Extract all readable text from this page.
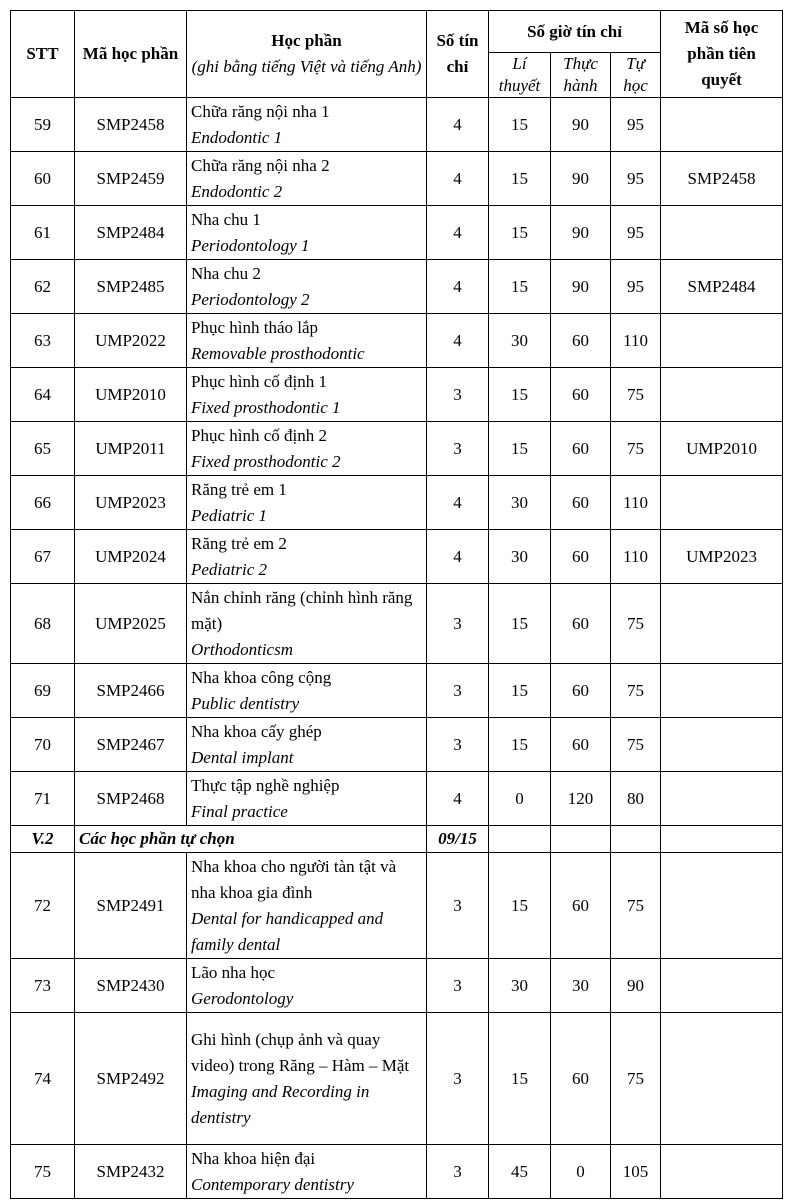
STT	Mã học phần	Học phần
(ghi bằng tiếng Việt và tiếng Anh)	Số tín chỉ	Số giờ tín chỉ			Mã số học phần tiên quyết
				Lí thuyết	Thực hành	Tự học	
59	SMP2458	Chữa răng nội nha 1
Endodontic 1	4	15	90	95	
60	SMP2459	Chữa răng nội nha 2
Endodontic 2	4	15	90	95	SMP2458
61	SMP2484	Nha chu 1
Periodontology 1	4	15	90	95	
62	SMP2485	Nha chu 2
Periodontology 2	4	15	90	95	SMP2484
63	UMP2022	Phục hình tháo lắp
Removable prosthodontic	4	30	60	110	
64	UMP2010	Phục hình cố định 1
Fixed prosthodontic 1	3	15	60	75	
65	UMP2011	Phục hình cố định 2
Fixed prosthodontic 2	3	15	60	75	UMP2010
66	UMP2023	Răng trẻ em 1
Pediatric 1	4	30	60	110	
67	UMP2024	Răng trẻ em 2
Pediatric 2	4	30	60	110	UMP2023
68	UMP2025	Nắn chỉnh răng (chỉnh hình răng mặt)
Orthodonticsm	3	15	60	75	
69	SMP2466	Nha khoa công cộng
Public dentistry	3	15	60	75	
70	SMP2467	Nha khoa cấy ghép
Dental implant	3	15	60	75	
71	SMP2468	Thực tập nghề nghiệp
Final practice	4	0	120	80	
V.2	Các học phần tự chọn		09/15				
72	SMP2491	Nha khoa cho người tàn tật và nha khoa gia đình
Dental for handicapped and family dental	3	15	60	75	
73	SMP2430	Lão nha học
Gerodontology	3	30	30	90	
74	SMP2492	Ghi hình (chụp ảnh và quay video) trong Răng – Hàm – Mặt
Imaging and Recording in dentistry	3	15	60	75	
75	SMP2432	Nha khoa hiện đại
Contemporary dentistry	3	45	0	105	
